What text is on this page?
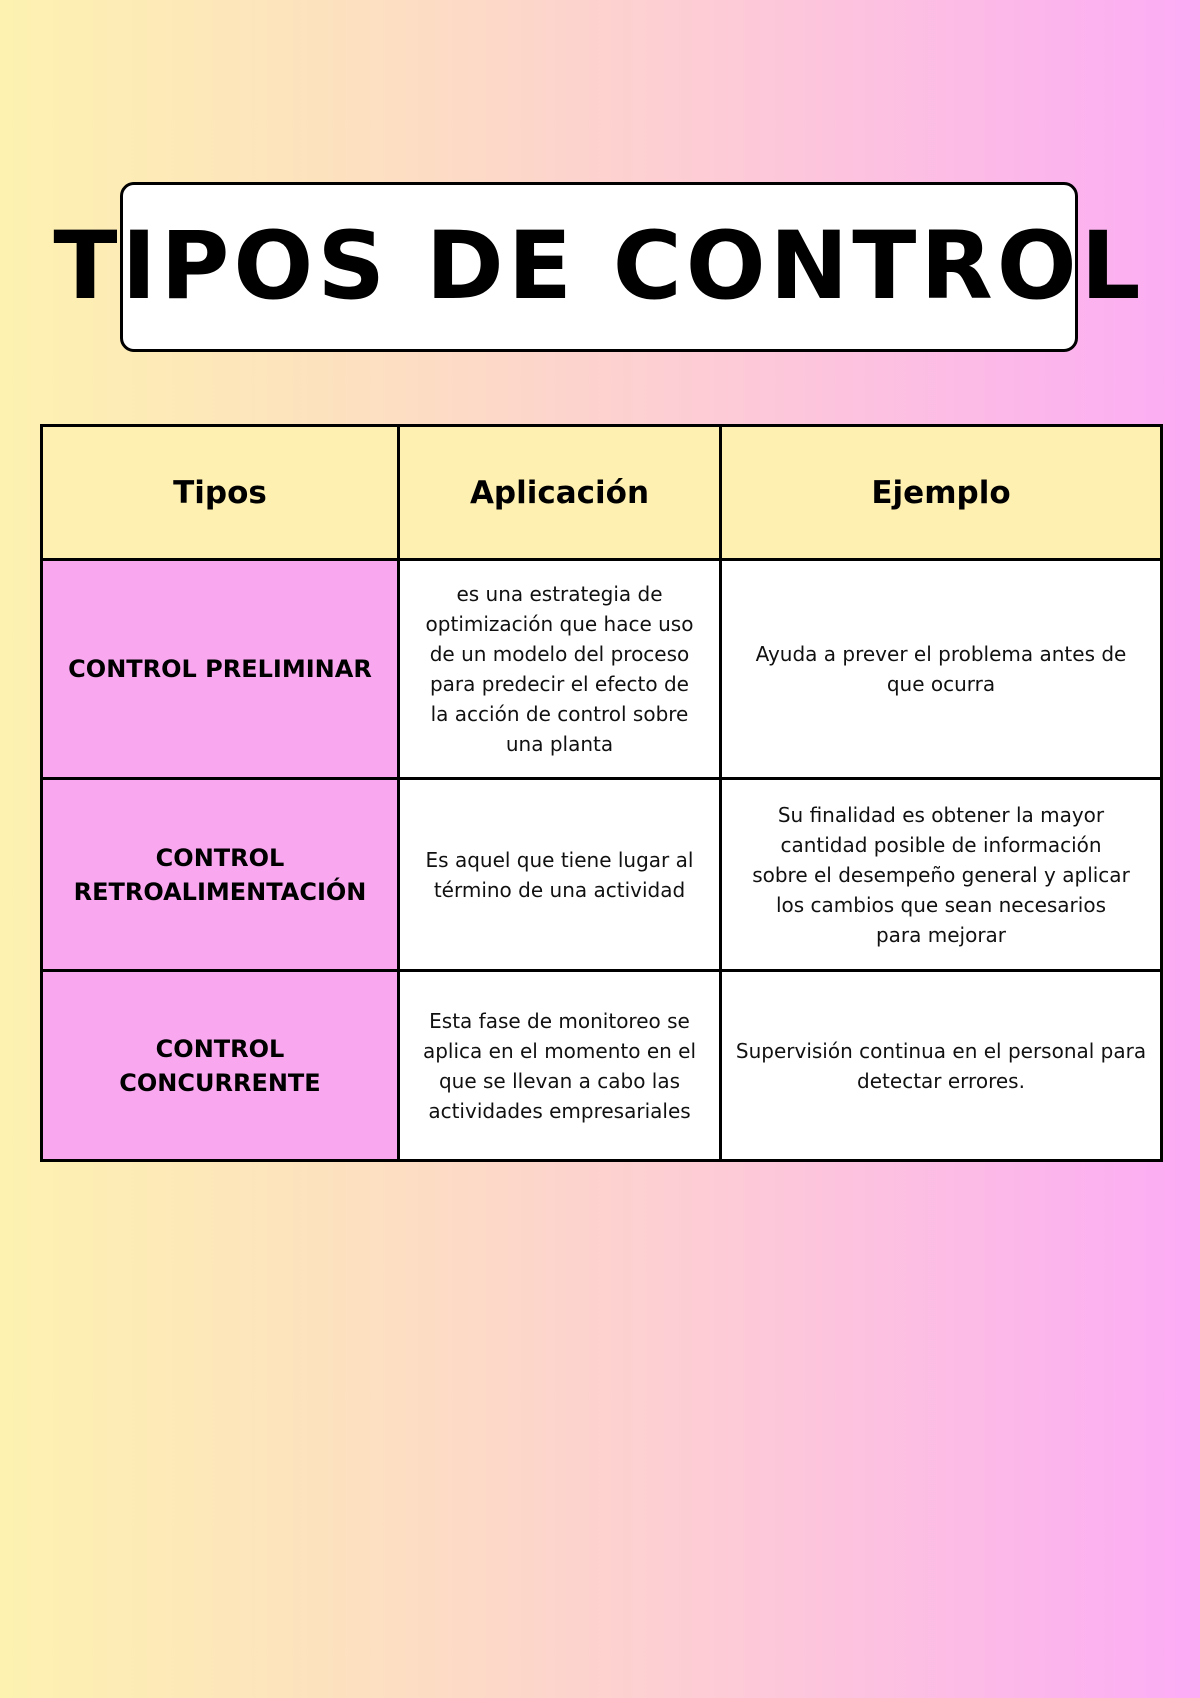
TIPOS DE CONTROL
Tipos	Aplicación	Ejemplo
CONTROL PRELIMINAR	es una estrategia de optimización que hace uso de un modelo del proceso para predecir el efecto de la acción de control sobre una planta	Ayuda a prever el problema antes de que ocurra
CONTROL RETROALIMENTACIÓN	Es aquel que tiene lugar al término de una actividad	Su finalidad es obtener la mayor cantidad posible de información sobre el desempeño general y aplicar los cambios que sean necesarios para mejorar
CONTROL CONCURRENTE	Esta fase de monitoreo se aplica en el momento en el que se llevan a cabo las actividades empresariales	Supervisión continua en el personal para detectar errores.
